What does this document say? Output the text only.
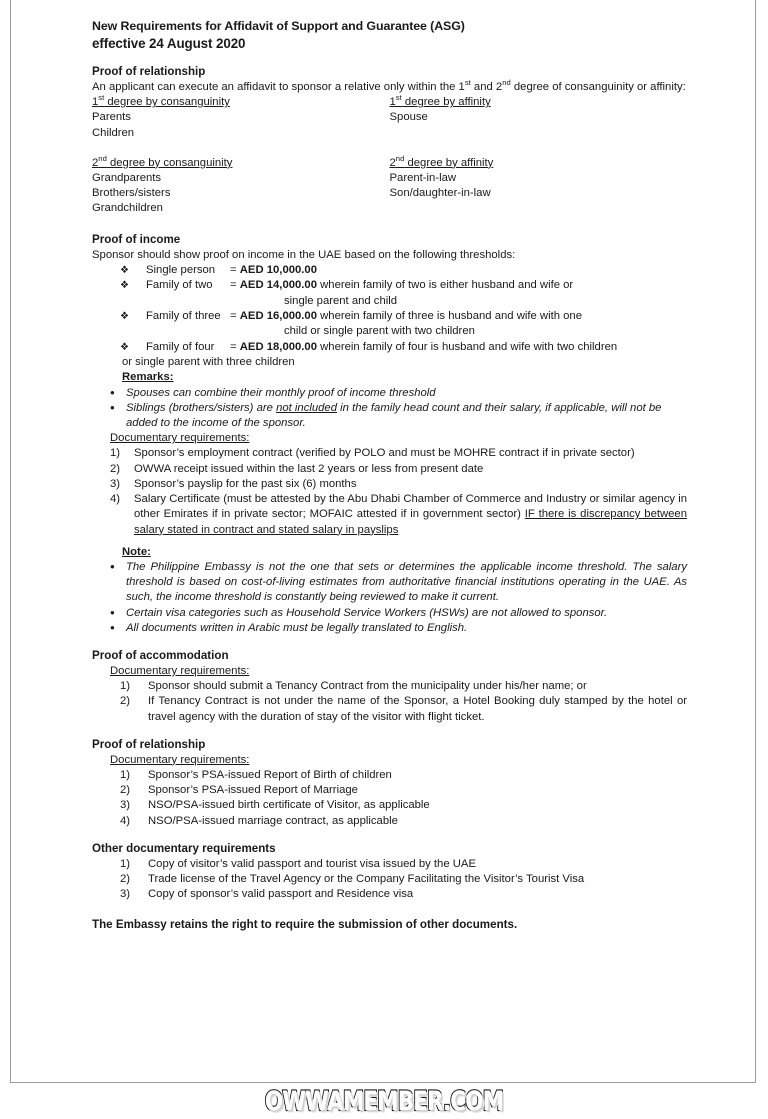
New Requirements for Affidavit of Support and Guarantee (ASG)
effective 24 August 2020
Proof of relationship
An applicant can execute an affidavit to sponsor a relative only within the 1st and 2nd degree of consanguinity or affinity:
1st degree by consanguinity
Parents
Children
1st degree by affinity
Spouse
2nd degree by consanguinity
Grandparents
Brothers/sisters
Grandchildren
2nd degree by affinity
Parent-in-law
Son/daughter-in-law
Proof of income
Sponsor should show proof on income in the UAE based on the following thresholds:
❖ Single person = AED 10,000.00
❖ Family of two = AED 14,000.00 wherein family of two is either husband and wife or
single parent and child
❖ Family of three = AED 16,000.00 wherein family of three is husband and wife with one
child or single parent with two children
❖ Family of four = AED 18,000.00 wherein family of four is husband and wife with two children
or single parent with three children
Remarks:
• Spouses can combine their monthly proof of income threshold
• Siblings (brothers/sisters) are not included in the family head count and their salary, if applicable, will not be added to the income of the sponsor.
Documentary requirements:
1) Sponsor’s employment contract (verified by POLO and must be MOHRE contract if in private sector)
2) OWWA receipt issued within the last 2 years or less from present date
3) Sponsor’s payslip for the past six (6) months
4) Salary Certificate (must be attested by the Abu Dhabi Chamber of Commerce and Industry or similar agency in other Emirates if in private sector; MOFAIC attested if in government sector) IF there is discrepancy between salary stated in contract and stated salary in payslips
Note:
• The Philippine Embassy is not the one that sets or determines the applicable income threshold. The salary threshold is based on cost-of-living estimates from authoritative financial institutions operating in the UAE. As such, the income threshold is constantly being reviewed to make it current.
• Certain visa categories such as Household Service Workers (HSWs) are not allowed to sponsor.
• All documents written in Arabic must be legally translated to English.
Proof of accommodation
Documentary requirements:
1) Sponsor should submit a Tenancy Contract from the municipality under his/her name; or
2) If Tenancy Contract is not under the name of the Sponsor, a Hotel Booking duly stamped by the hotel or travel agency with the duration of stay of the visitor with flight ticket.
Proof of relationship
Documentary requirements:
1) Sponsor’s PSA-issued Report of Birth of children
2) Sponsor’s PSA-issued Report of Marriage
3) NSO/PSA-issued birth certificate of Visitor, as applicable
4) NSO/PSA-issued marriage contract, as applicable
Other documentary requirements
1) Copy of visitor’s valid passport and tourist visa issued by the UAE
2) Trade license of the Travel Agency or the Company Facilitating the Visitor’s Tourist Visa
3) Copy of sponsor’s valid passport and Residence visa
The Embassy retains the right to require the submission of other documents.
OWWAMEMBER.COM
